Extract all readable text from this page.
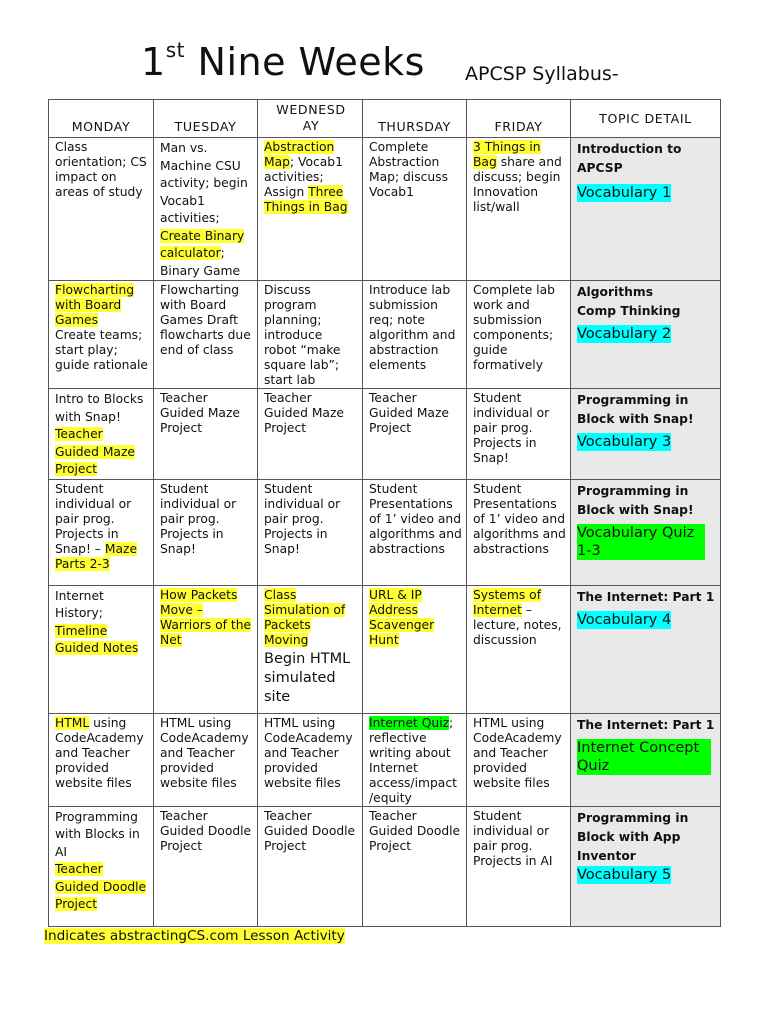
1st Nine Weeks APCSP Syllabus-
MONDAY	TUESDAY	WEDNESDAY	THURSDAY	FRIDAY	TOPIC DETAIL
Class orientation; CS impact on areas of study	Man vs. Machine CSU activity; begin Vocab1 activities;
Create Binary calculator;
Binary Game	Abstraction Map; Vocab1 activities; Assign Three Things in Bag	Complete Abstraction Map; discuss Vocab1	3 Things in Bag share and discuss; begin Innovation list/wall	Introduction to APCSP
Vocabulary 1
Flowcharting with Board Games
Create teams; start play; guide rationale	Flowcharting with Board Games Draft flowcharts due end of class	Discuss program planning; introduce robot “make square lab”; start lab	Introduce lab submission req; note algorithm and abstraction elements	Complete lab work and submission components; guide formatively	Algorithms
Comp Thinking
Vocabulary 2
Intro to Blocks with Snap!
Teacher Guided Maze Project	Teacher Guided Maze Project	Teacher Guided Maze Project	Teacher Guided Maze Project	Student individual or pair prog. Projects in Snap!	Programming in Block with Snap!
Vocabulary 3
Student individual or pair prog. Projects in Snap! – Maze Parts 2-3	Student individual or pair prog. Projects in Snap!	Student individual or pair prog. Projects in Snap!	Student Presentations of 1’ video and algorithms and abstractions	Student Presentations of 1’ video and algorithms and abstractions	Programming in Block with Snap!
Vocabulary Quiz 1-3
Internet History;
Timeline Guided Notes	How Packets Move – Warriors of the Net	Class Simulation of Packets Moving
Begin HTML simulated site	URL & IP Address Scavenger Hunt	Systems of Internet – lecture, notes, discussion	The Internet: Part 1
Vocabulary 4
HTML using CodeAcademy and Teacher provided website files	HTML using CodeAcademy and Teacher provided website files	HTML using CodeAcademy and Teacher provided website files	Internet Quiz; reflective writing about Internet access/impact /equity	HTML using CodeAcademy and Teacher provided website files	The Internet: Part 1
Internet Concept Quiz
Programming with Blocks in AI
Teacher Guided Doodle Project	Teacher Guided Doodle Project	Teacher Guided Doodle Project	Teacher Guided Doodle Project	Student individual or pair prog. Projects in AI	Programming in Block with App Inventor
Vocabulary 5
Indicates abstractingCS.com Lesson Activity
